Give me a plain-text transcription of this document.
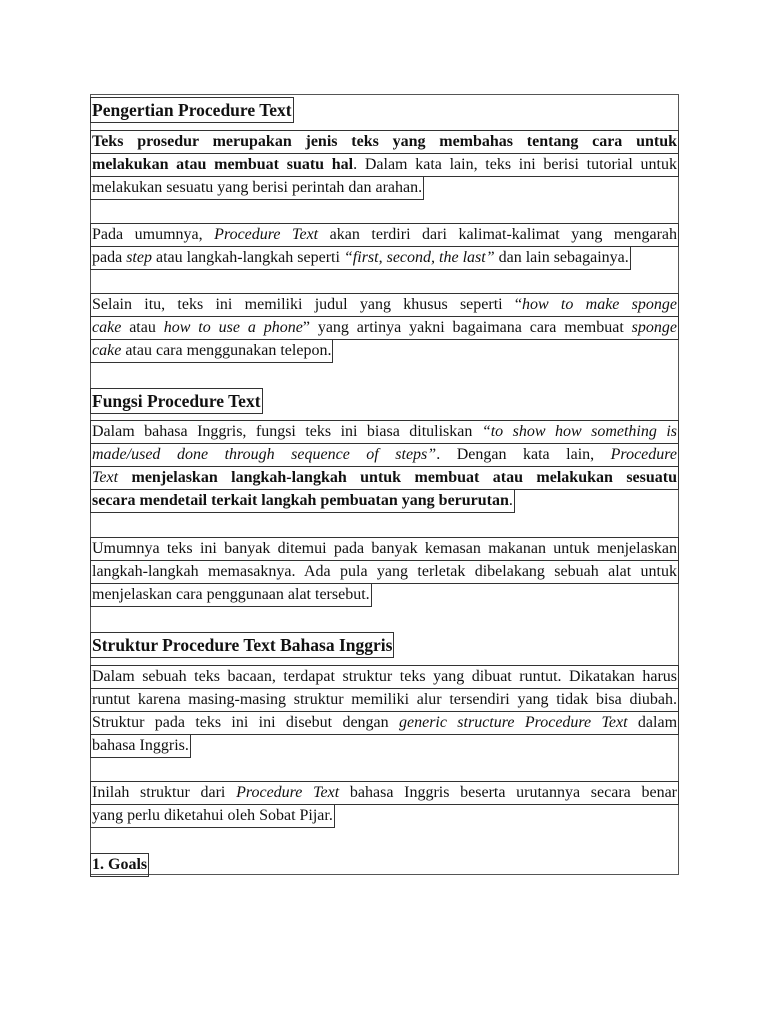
Pengertian Procedure Text
Teks prosedur merupakan jenis teks yang membahas tentang cara untuk
melakukan atau membuat suatu hal. Dalam kata lain, teks ini berisi tutorial untuk
melakukan sesuatu yang berisi perintah dan arahan.
Pada umumnya, Procedure Text akan terdiri dari kalimat-kalimat yang mengarah
pada step atau langkah-langkah seperti “first, second, the last” dan lain sebagainya.
Selain itu, teks ini memiliki judul yang khusus seperti “how to make sponge
cake atau how to use a phone” yang artinya yakni bagaimana cara membuat sponge
cake atau cara menggunakan telepon.
Fungsi Procedure Text
Dalam bahasa Inggris, fungsi teks ini biasa dituliskan “to show how something is
made/used done through sequence of steps”. Dengan kata lain, Procedure
Text menjelaskan langkah-langkah untuk membuat atau melakukan sesuatu
secara mendetail terkait langkah pembuatan yang berurutan.
Umumnya teks ini banyak ditemui pada banyak kemasan makanan untuk menjelaskan
langkah-langkah memasaknya. Ada pula yang terletak dibelakang sebuah alat untuk
menjelaskan cara penggunaan alat tersebut.
Struktur Procedure Text Bahasa Inggris
Dalam sebuah teks bacaan, terdapat struktur teks yang dibuat runtut. Dikatakan harus
runtut karena masing-masing struktur memiliki alur tersendiri yang tidak bisa diubah.
Struktur pada teks ini ini disebut dengan generic structure Procedure Text dalam
bahasa Inggris.
Inilah struktur dari Procedure Text bahasa Inggris beserta urutannya secara benar
yang perlu diketahui oleh Sobat Pijar.
1. Goals
